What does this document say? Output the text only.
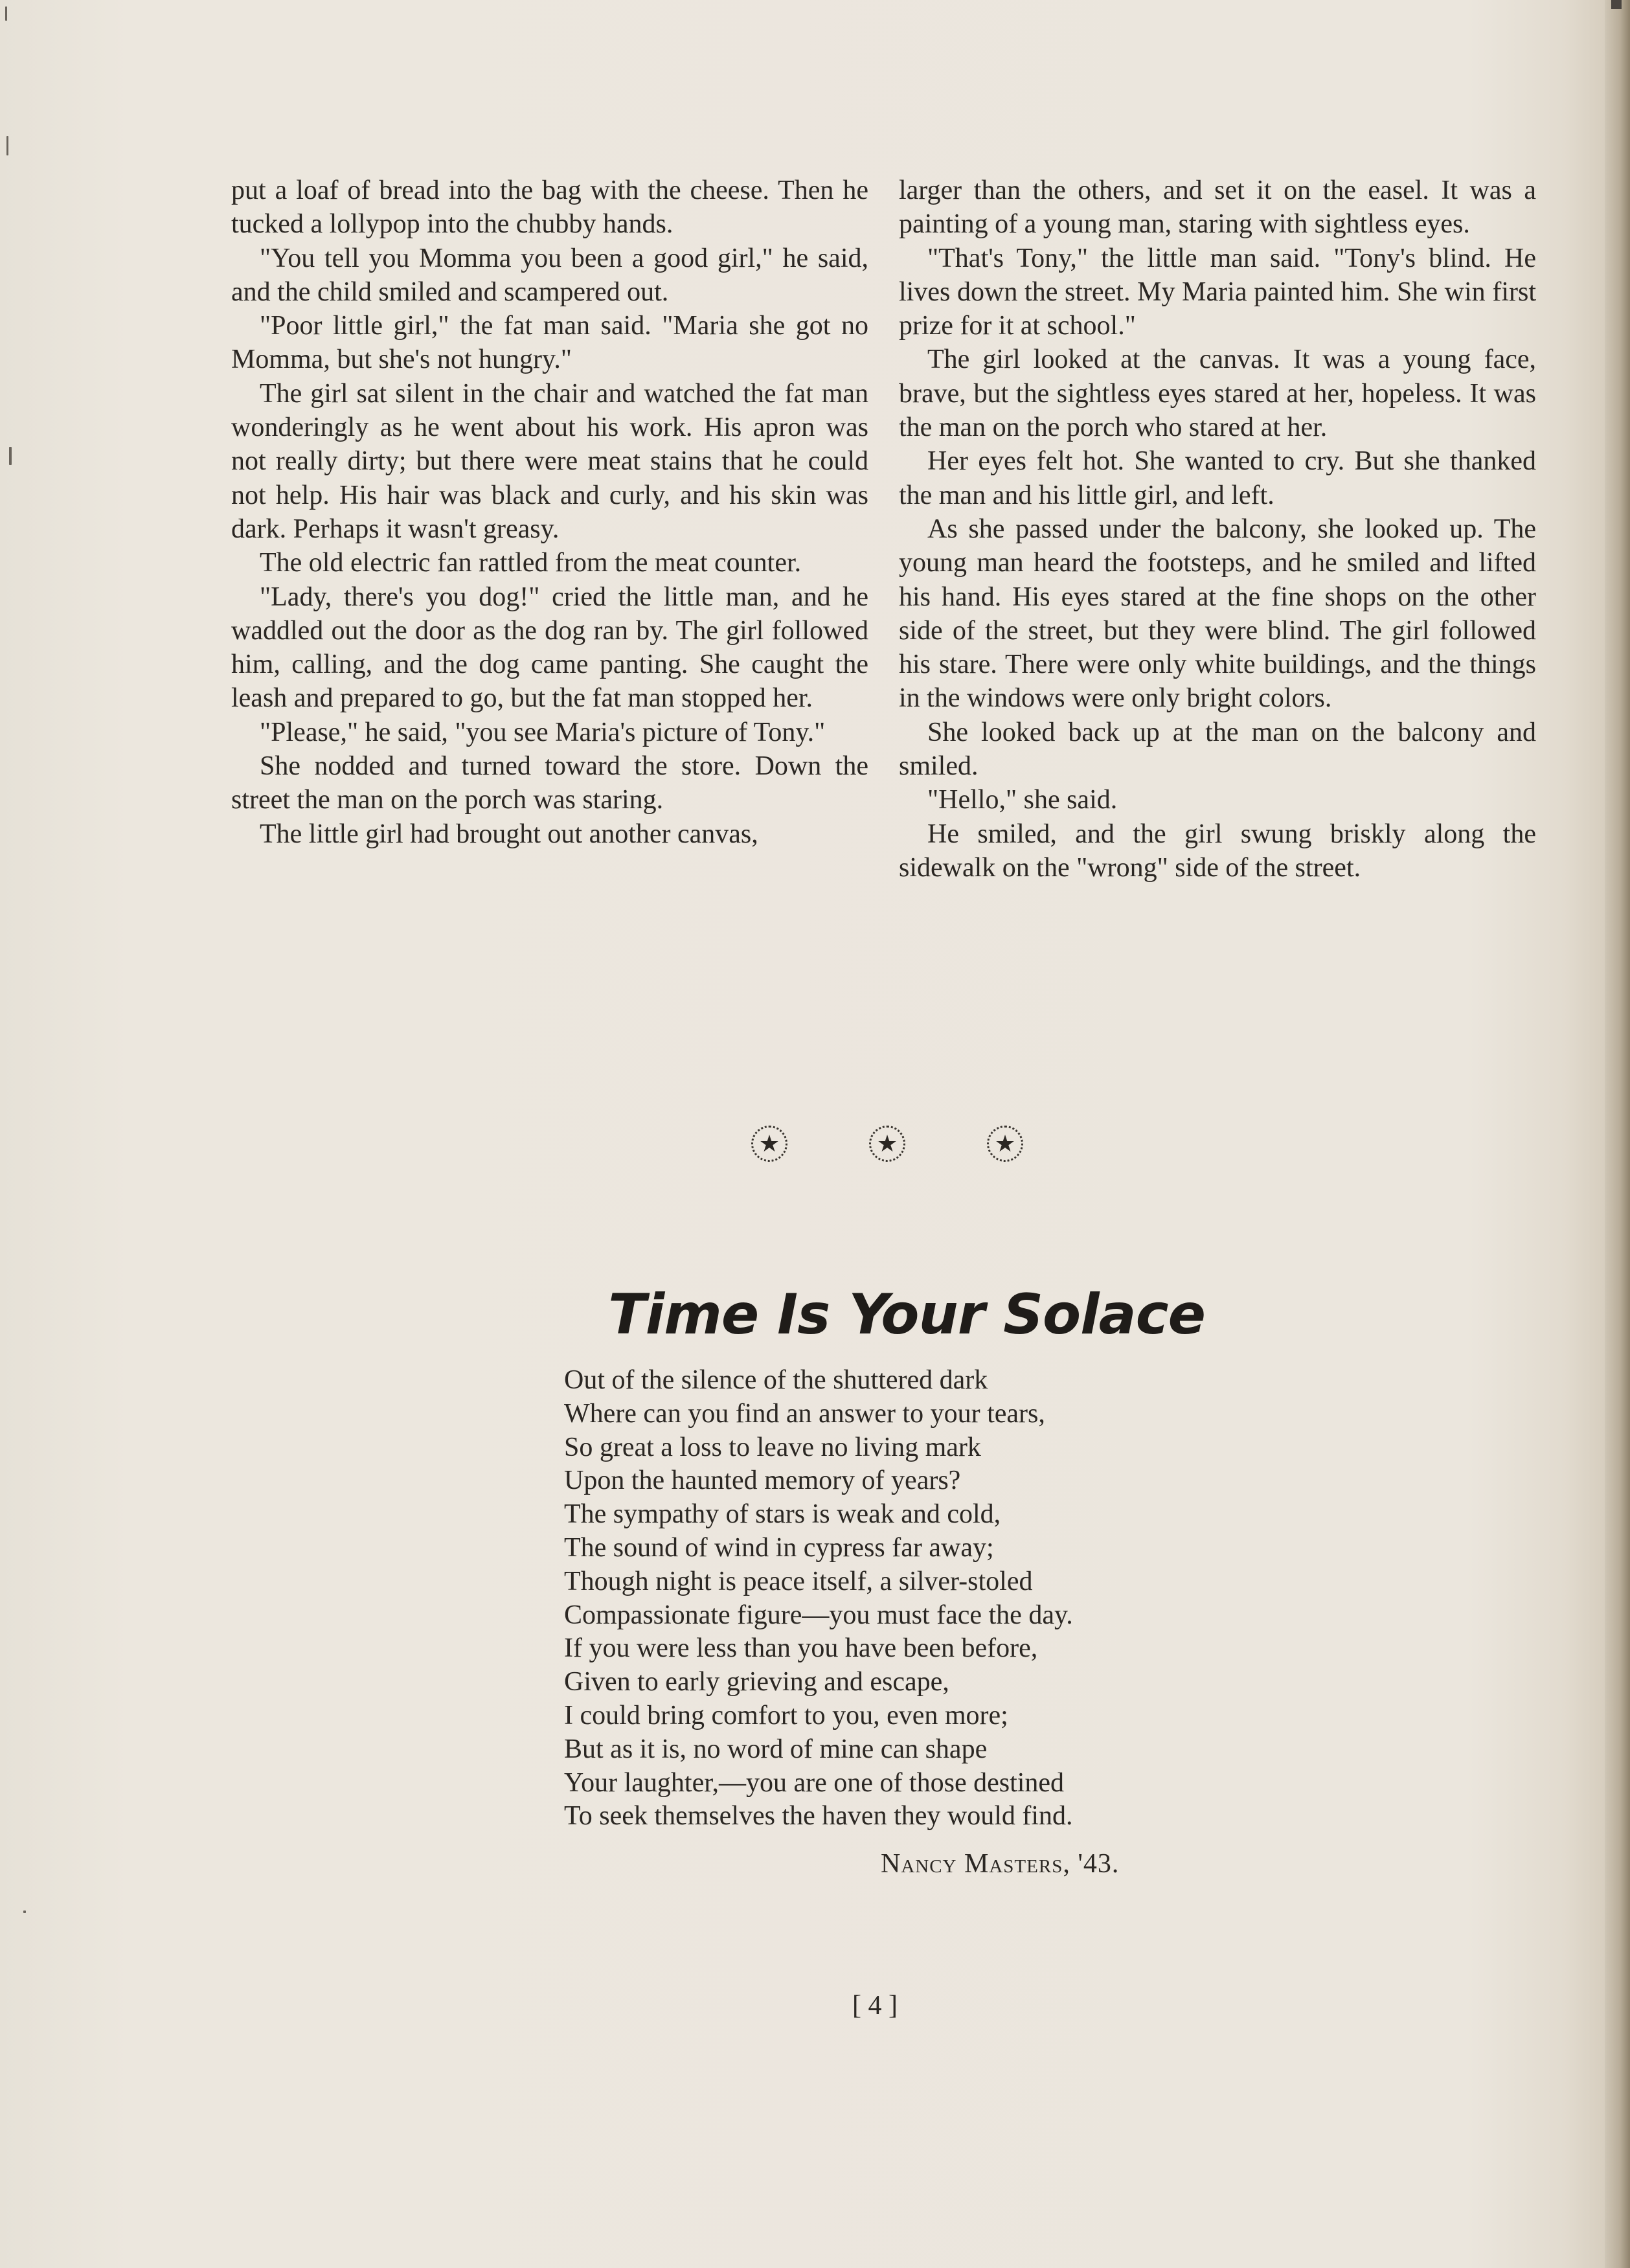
put a loaf of bread into the bag with the cheese. Then he tucked a lollypop into the chubby hands.

"You tell you Momma you been a good girl," he said, and the child smiled and scampered out.

"Poor little girl," the fat man said. "Maria she got no Momma, but she's not hungry."

The girl sat silent in the chair and watched the fat man wonderingly as he went about his work. His apron was not really dirty; but there were meat stains that he could not help. His hair was black and curly, and his skin was dark. Perhaps it wasn't greasy.

The old electric fan rattled from the meat counter.

"Lady, there's you dog!" cried the little man, and he waddled out the door as the dog ran by. The girl followed him, calling, and the dog came panting. She caught the leash and prepared to go, but the fat man stopped her.

"Please," he said, "you see Maria's picture of Tony."

She nodded and turned toward the store. Down the street the man on the porch was staring.

The little girl had brought out another canvas,

larger than the others, and set it on the easel. It was a painting of a young man, staring with sightless eyes.

"That's Tony," the little man said. "Tony's blind. He lives down the street. My Maria painted him. She win first prize for it at school."

The girl looked at the canvas. It was a young face, brave, but the sightless eyes stared at her, hopeless. It was the man on the porch who stared at her.

Her eyes felt hot. She wanted to cry. But she thanked the man and his little girl, and left.

As she passed under the balcony, she looked up. The young man heard the footsteps, and he smiled and lifted his hand. His eyes stared at the fine shops on the other side of the street, but they were blind. The girl followed his stare. There were only white buildings, and the things in the windows were only bright colors.

She looked back up at the man on the balcony and smiled.

"Hello," she said.

He smiled, and the girl swung briskly along the sidewalk on the "wrong" side of the street.

★	★	★
Time Is Your Solace
Out of the silence of the shuttered dark
Where can you find an answer to your tears,
So great a loss to leave no living mark
Upon the haunted memory of years?
The sympathy of stars is weak and cold,
The sound of wind in cypress far away;
Though night is peace itself, a silver-stoled
Compassionate figure—you must face the day.
If you were less than you have been before,
Given to early grieving and escape,
I could bring comfort to you, even more;
But as it is, no word of mine can shape
Your laughter,—you are one of those destined
To seek themselves the haven they would find.
Nancy Masters, '43.
[ 4 ]
